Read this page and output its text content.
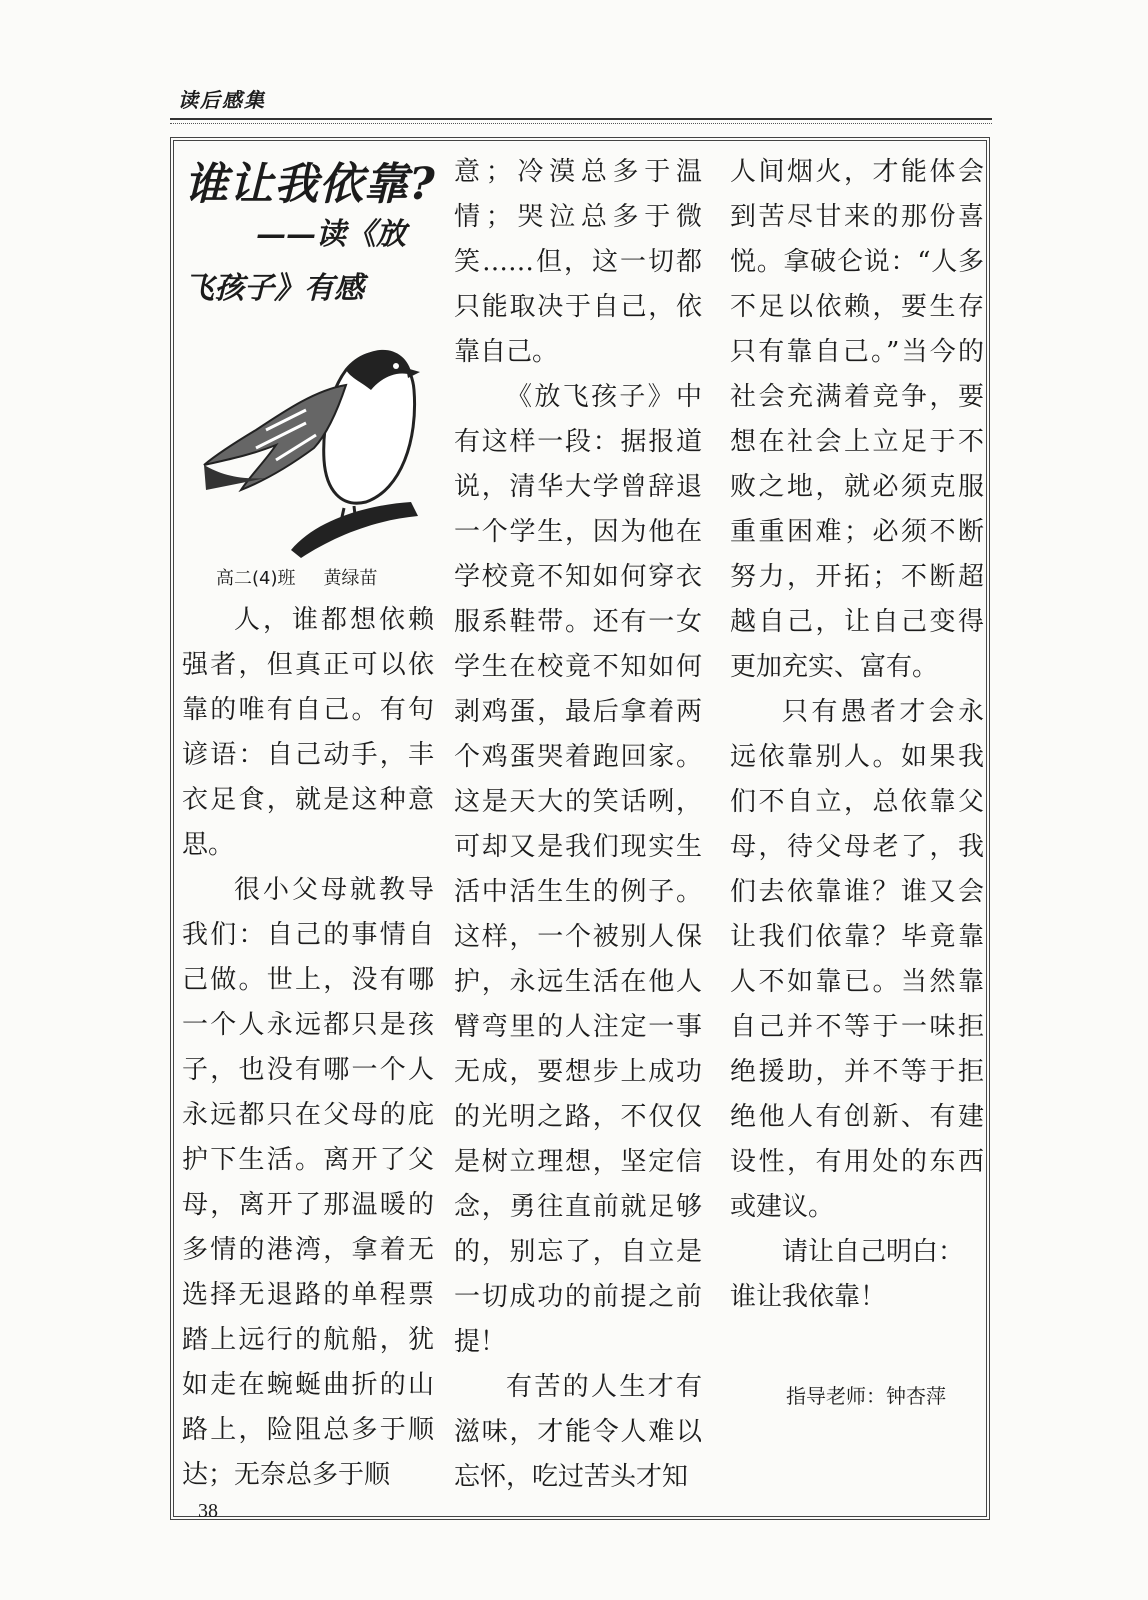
读后感集
谁让我依靠?
——读《放
飞孩子》有感
高二(4)班 黄绿苗

人，谁都想依赖强者，但真正可以依靠的唯有自己。有句谚语：自己动手，丰衣足食，就是这种意思。

很小父母就教导我们：自己的事情自己做。世上，没有哪一个人永远都只是孩子，也没有哪一个人永远都只在父母的庇护下生活。离开了父母，离开了那温暖的多情的港湾，拿着无选择无退路的单程票踏上远行的航船，犹如走在蜿蜒曲折的山路上，险阻总多于顺达；无奈总多于顺

意；冷漠总多于温情；哭泣总多于微笑……但，这一切都只能取决于自己，依靠自己。

《放飞孩子》中有这样一段：据报道说，清华大学曾辞退一个学生，因为他在学校竟不知如何穿衣服系鞋带。还有一女学生在校竟不知如何剥鸡蛋，最后拿着两个鸡蛋哭着跑回家。这是天大的笑话咧，可却又是我们现实生活中活生生的例子。这样，一个被别人保护，永远生活在他人臂弯里的人注定一事无成，要想步上成功的光明之路，不仅仅是树立理想，坚定信念，勇往直前就足够的，别忘了，自立是一切成功的前提之前提！

有苦的人生才有滋味，才能令人难以忘怀，吃过苦头才知

人间烟火，才能体会到苦尽甘来的那份喜悦。拿破仑说：“人多不足以依赖，要生存只有靠自己。”当今的社会充满着竞争，要想在社会上立足于不败之地，就必须克服重重困难；必须不断努力，开拓；不断超越自己，让自己变得更加充实、富有。

只有愚者才会永远依靠别人。如果我们不自立，总依靠父母，待父母老了，我们去依靠谁？谁又会让我们依靠？毕竟靠人不如靠已。当然靠自己并不等于一味拒绝援助，并不等于拒绝他人有创新、有建设性，有用处的东西或建议。

请让自己明白：

谁让我依靠！

指导老师：钟杏萍
38
